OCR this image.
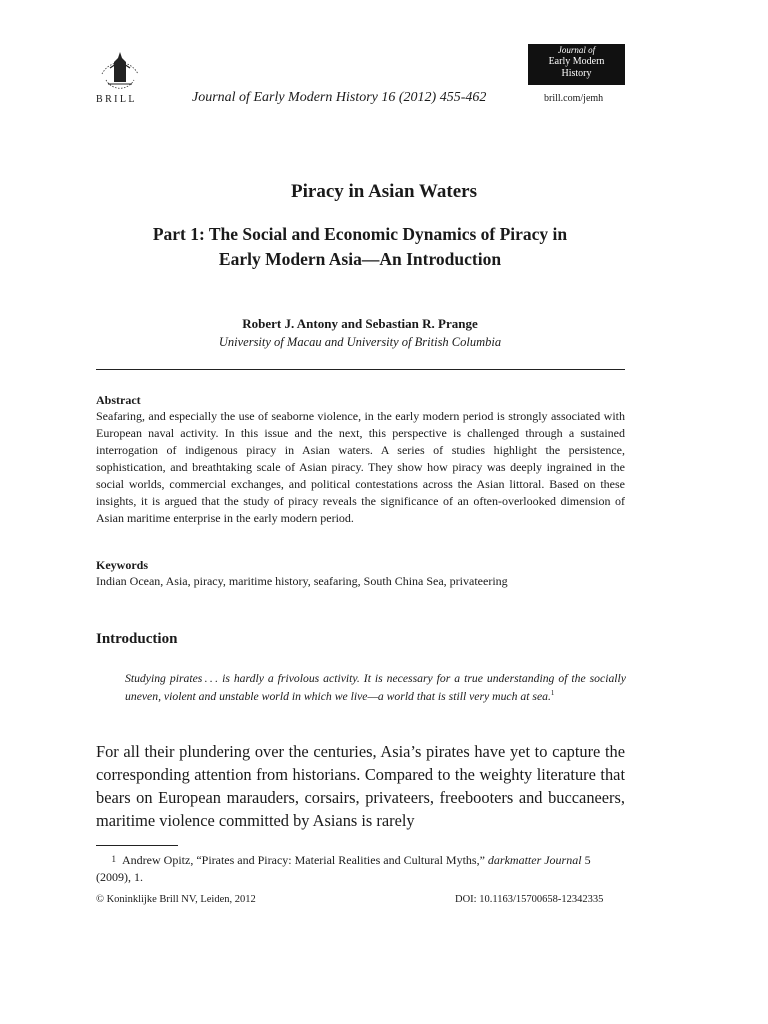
BRILL	Journal of Early Modern History 16 (2012) 455-462
Journal of
Early Modern
History
brill.com/jemh
Piracy in Asian Waters
Part 1: The Social and Economic Dynamics of Piracy in
Early Modern Asia—An Introduction
Robert J. Antony and Sebastian R. Prange
University of Macau and University of British Columbia
Abstract
Seafaring, and especially the use of seaborne violence, in the early modern period is strongly associated with European naval activity. In this issue and the next, this perspective is challenged through a sustained interrogation of indigenous piracy in Asian waters. A series of studies highlight the persistence, sophistication, and breathtaking scale of Asian piracy. They show how piracy was deeply ingrained in the social worlds, commercial exchanges, and political contestations across the Asian littoral. Based on these insights, it is argued that the study of piracy reveals the significance of an often-overlooked dimension of Asian maritime enterprise in the early modern period.
Keywords
Indian Ocean, Asia, piracy, maritime history, seafaring, South China Sea, privateering
Introduction
Studying pirates . . . is hardly a frivolous activity. It is necessary for a true understanding of the socially uneven, violent and unstable world in which we live—a world that is still very much at sea.$^1$
For all their plundering over the centuries, Asia’s pirates have yet to capture the corresponding attention from historians. Compared to the weighty literature that bears on European marauders, corsairs, privateers, freebooters and buccaneers, maritime violence committed by Asians is rarely
1 Andrew Opitz, “Pirates and Piracy: Material Realities and Cultural Myths,” darkmatter Journal 5 (2009), 1.
© Koninklijke Brill NV, Leiden, 2012	DOI: 10.1163/15700658-12342335
